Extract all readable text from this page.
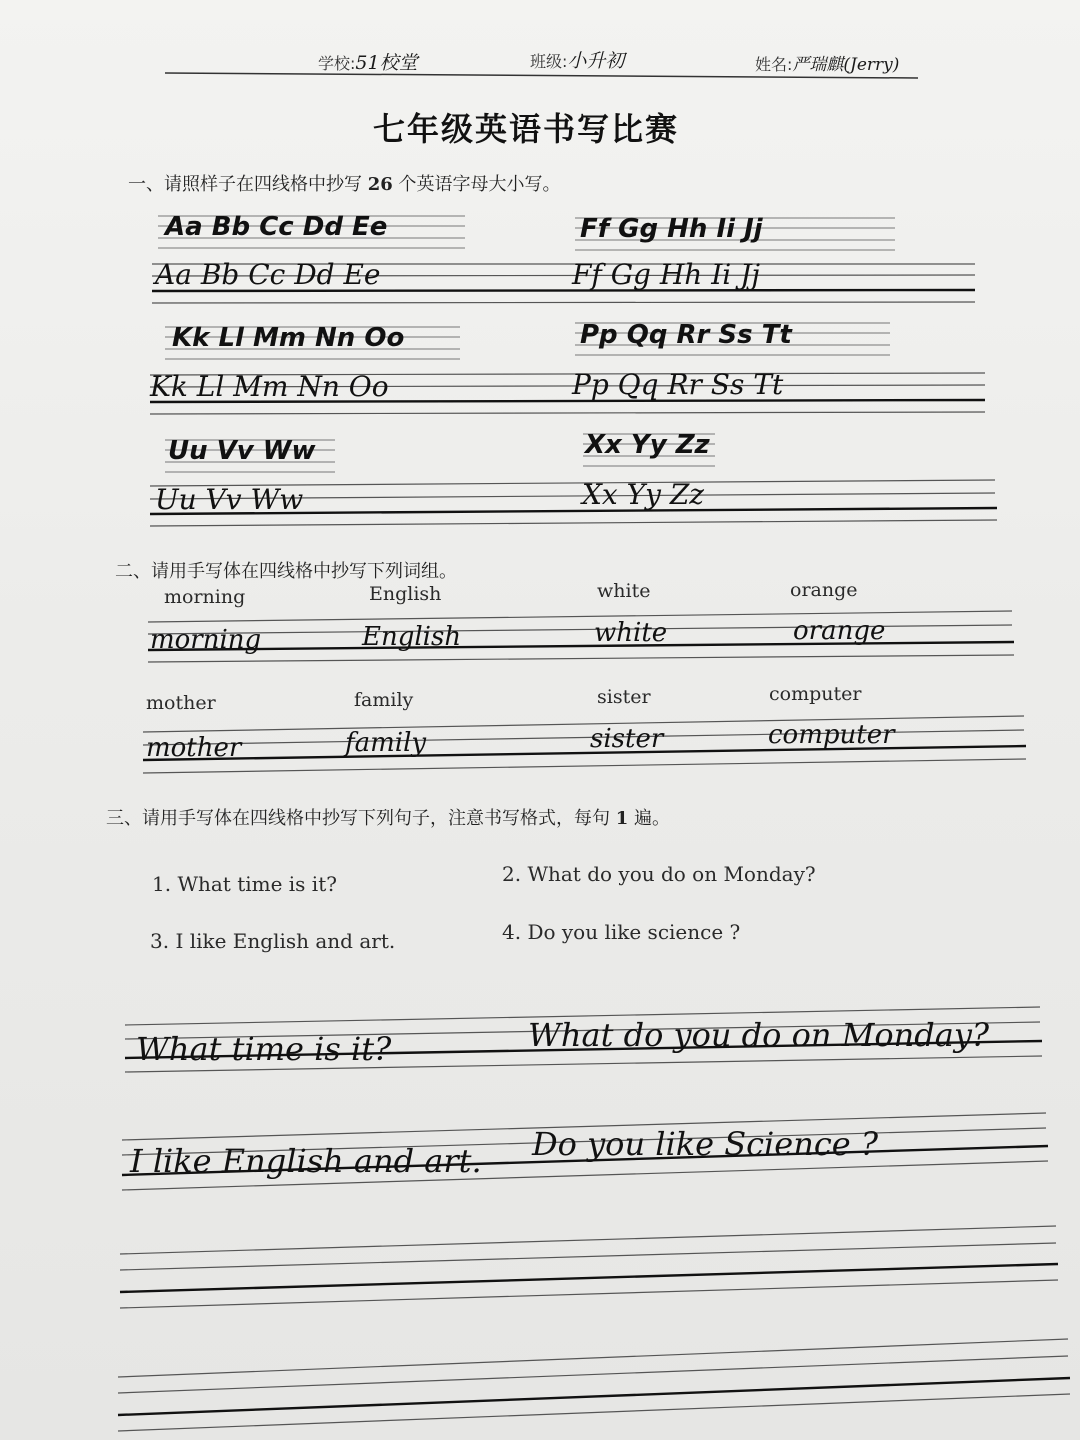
学校:51校堂	班级:小升初	姓名:严瑞麒(Jerry)
七年级英语书写比赛
一、请照样子在四线格中抄写 26 个英语字母大小写。
Aa Bb Cc Dd Ee	Ff Gg Hh Ii Jj
Aa Bb Cc Dd Ee	Ff Gg Hh Ii Jj
Kk Ll Mm Nn Oo	Pp Qq Rr Ss Tt
Kk Ll Mm Nn Oo	Pp Qq Rr Ss Tt
Uu Vv Ww	Xx Yy Zz
Uu Vv Ww	Xx Yy Zz
二、请用手写体在四线格中抄写下列词组。
morning	English	white	orange
morning	English	white	orange
mother	family	sister	computer
mother	family	sister	computer
三、请用手写体在四线格中抄写下列句子，注意书写格式，每句 1 遍。
1. What time is it?	2. What do you do on Monday?
3. I like English and art.	4. Do you like science ?
What time is it?	What do you do on Monday?
I like English and art. Do you like Science ?
